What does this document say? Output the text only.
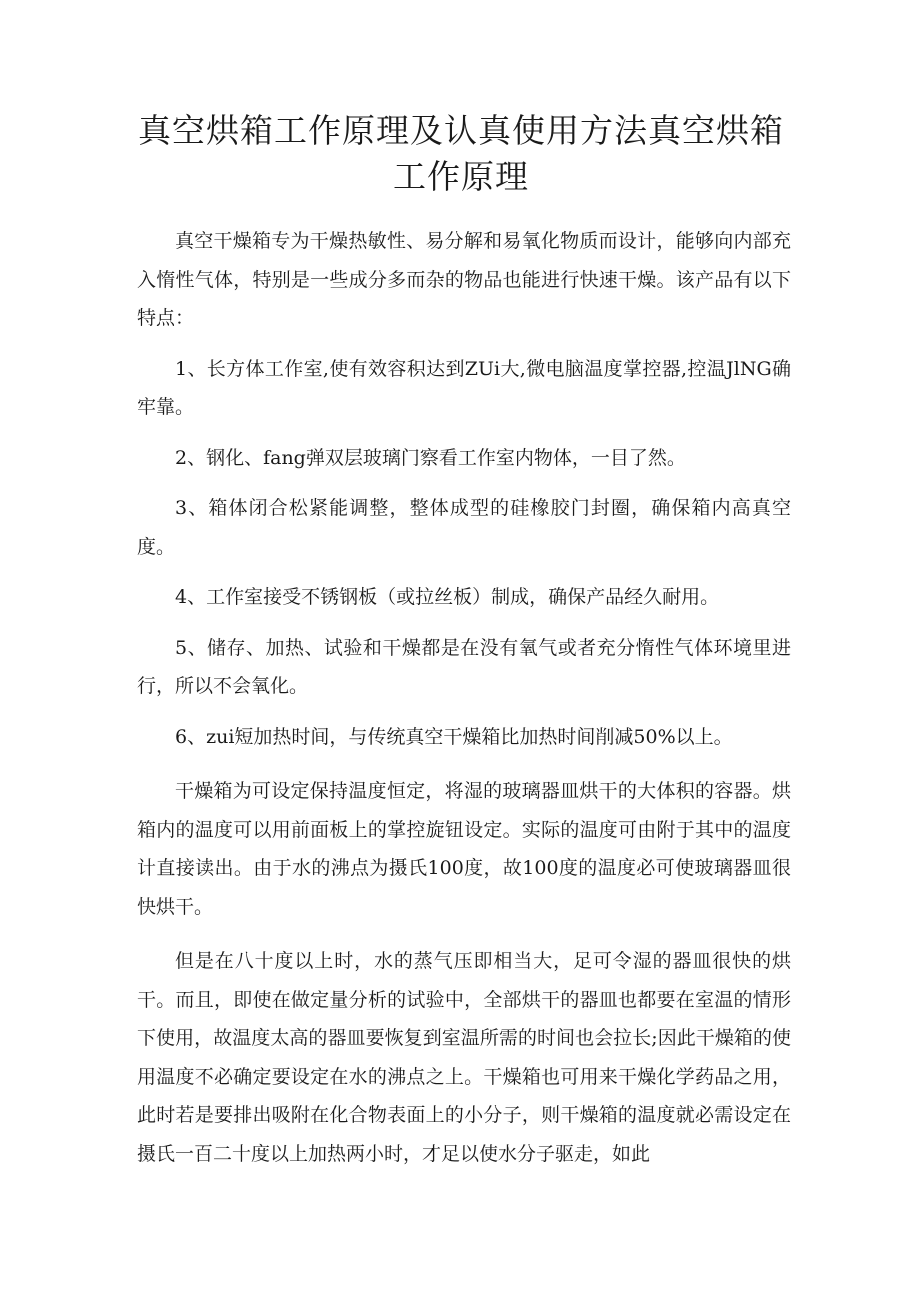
真空烘箱工作原理及认真使用方法真空烘箱工作原理

真空干燥箱专为干燥热敏性、易分解和易氧化物质而设计，能够向内部充入惰性气体，特别是一些成分多而杂的物品也能进行快速干燥。该产品有以下特点：

1、长方体工作室,使有效容积达到ZUi大,微电脑温度掌控器,控温JlNG确牢靠。

2、钢化、fang弹双层玻璃门察看工作室内物体，一目了然。

3、箱体闭合松紧能调整，整体成型的硅橡胶门封圈，确保箱内高真空度。

4、工作室接受不锈钢板（或拉丝板）制成，确保产品经久耐用。

5、储存、加热、试验和干燥都是在没有氧气或者充分惰性气体环境里进行，所以不会氧化。

6、zui短加热时间，与传统真空干燥箱比加热时间削减50%以上。

干燥箱为可设定保持温度恒定，将湿的玻璃器皿烘干的大体积的容器。烘箱内的温度可以用前面板上的掌控旋钮设定。实际的温度可由附于其中的温度计直接读出。由于水的沸点为摄氏100度，故100度的温度必可使玻璃器皿很快烘干。

但是在八十度以上时，水的蒸气压即相当大，足可令湿的器皿很快的烘干。而且，即使在做定量分析的试验中，全部烘干的器皿也都要在室温的情形下使用，故温度太高的器皿要恢复到室温所需的时间也会拉长;因此干燥箱的使用温度不必确定要设定在水的沸点之上。干燥箱也可用来干燥化学药品之用，此时若是要排出吸附在化合物表面上的小分子，则干燥箱的温度就必需设定在摄氏一百二十度以上加热两小时，才足以使水分子驱走，如此
